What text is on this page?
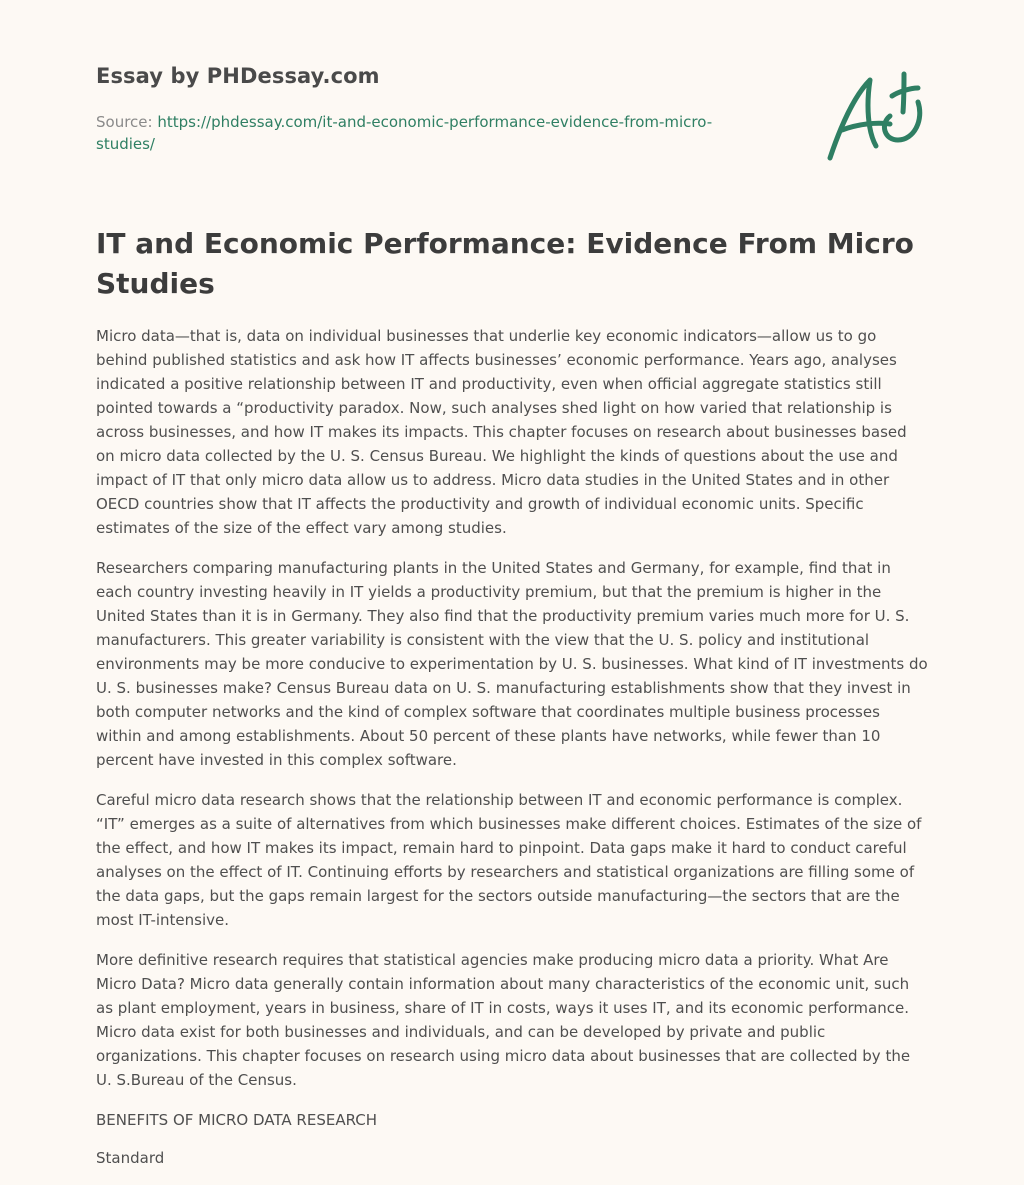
Essay by PHDessay.com
Source: https://phdessay.com/it-and-economic-performance-evidence-from-micro-studies/
IT and Economic Performance: Evidence From Micro Studies

Micro data—that is, data on individual businesses that underlie key economic indicators—allow us to go behind published statistics and ask how IT affects businesses’ economic performance. Years ago, analyses indicated a positive relationship between IT and productivity, even when official aggregate statistics still pointed towards a “productivity paradox. Now, such analyses shed light on how varied that relationship is across businesses, and how IT makes its impacts. This chapter focuses on research about businesses based on micro data collected by the U. S. Census Bureau. We highlight the kinds of questions about the use and impact of IT that only micro data allow us to address. Micro data studies in the United States and in other OECD countries show that IT affects the productivity and growth of individual economic units. Specific estimates of the size of the effect vary among studies.

Researchers comparing manufacturing plants in the United States and Germany, for example, find that in each country investing heavily in IT yields a productivity premium, but that the premium is higher in the United States than it is in Germany. They also find that the productivity premium varies much more for U. S. manufacturers. This greater variability is consistent with the view that the U. S. policy and institutional environments may be more conducive to experimentation by U. S. businesses. What kind of IT investments do U. S. businesses make? Census Bureau data on U. S. manufacturing establishments show that they invest in both computer networks and the kind of complex software that coordinates multiple business processes within and among establishments. About 50 percent of these plants have networks, while fewer than 10 percent have invested in this complex software.

Careful micro data research shows that the relationship between IT and economic performance is complex. “IT” emerges as a suite of alternatives from which businesses make different choices. Estimates of the size of the effect, and how IT makes its impact, remain hard to pinpoint. Data gaps make it hard to conduct careful analyses on the effect of IT. Continuing efforts by researchers and statistical organizations are filling some of the data gaps, but the gaps remain largest for the sectors outside manufacturing—the sectors that are the most IT-intensive.

More definitive research requires that statistical agencies make producing micro data a priority. What Are Micro Data? Micro data generally contain information about many characteristics of the economic unit, such as plant employment, years in business, share of IT in costs, ways it uses IT, and its economic performance. Micro data exist for both businesses and individuals, and can be developed by private and public organizations. This chapter focuses on research using micro data about businesses that are collected by the U. S.Bureau of the Census.

BENEFITS OF MICRO DATA RESEARCH

Standard
